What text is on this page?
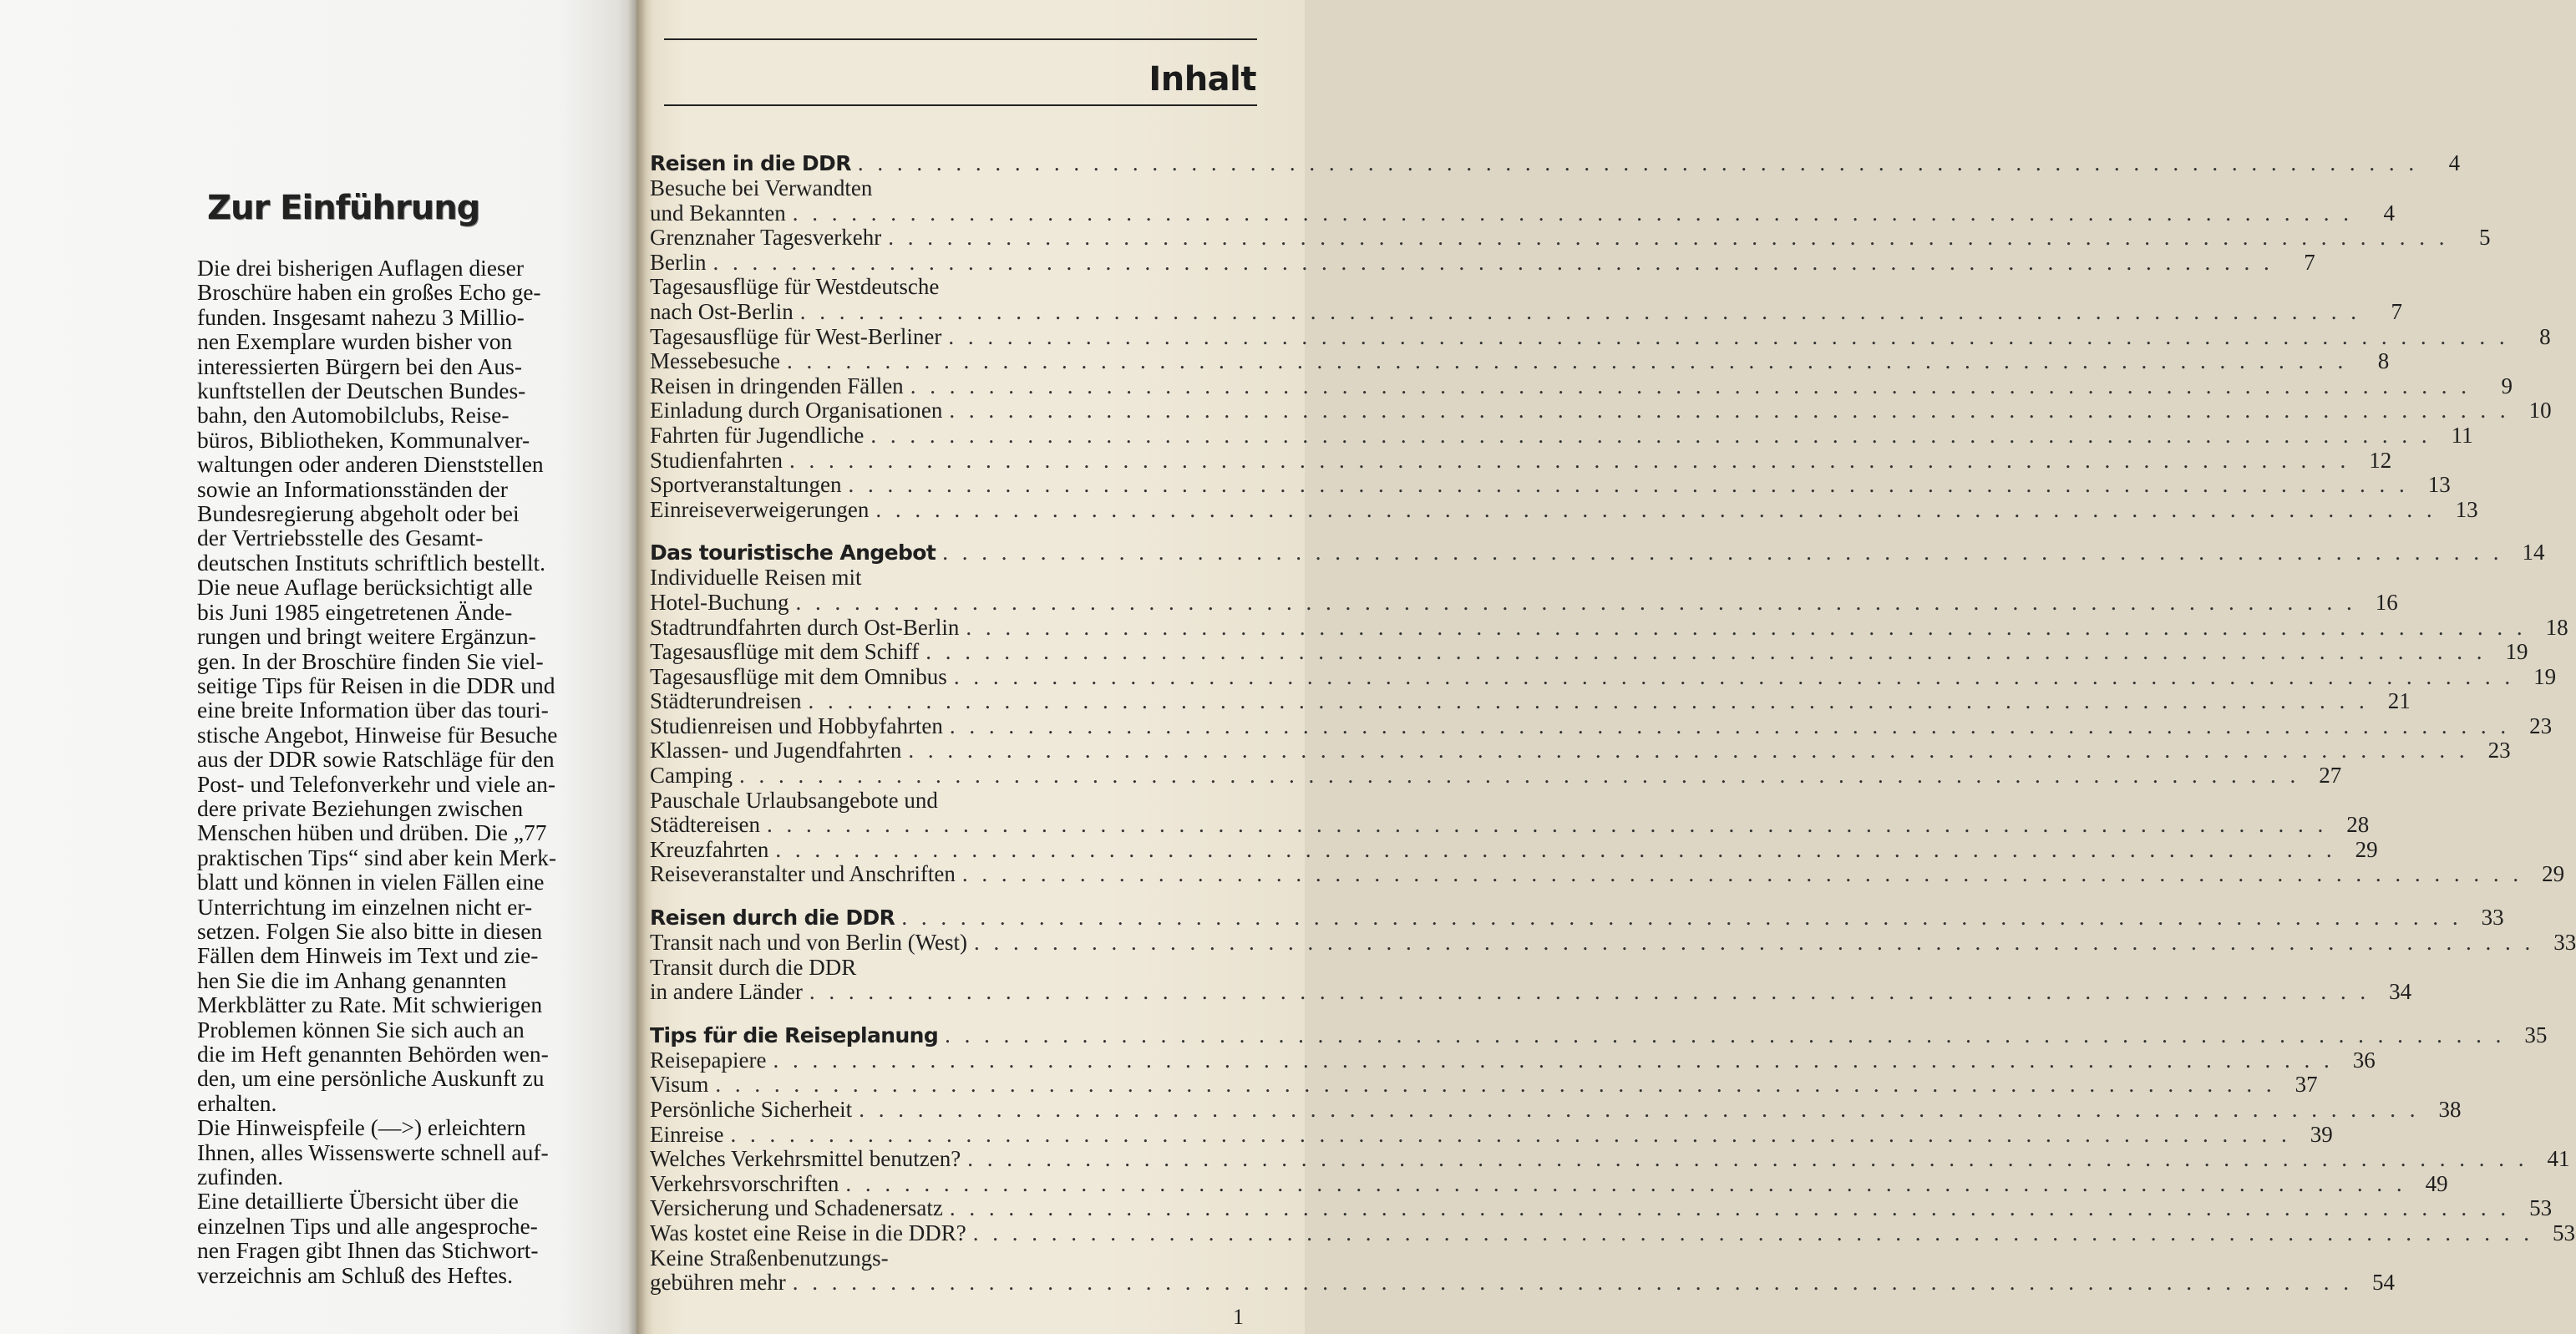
Zur Einführung
Die drei bisherigen Auflagen dieser
Broschüre haben ein großes Echo ge-
funden. Insgesamt nahezu 3 Millio-
nen Exemplare wurden bisher von
interessierten Bürgern bei den Aus-
kunftstellen der Deutschen Bundes-
bahn, den Automobilclubs, Reise-
büros, Bibliotheken, Kommunalver-
waltungen oder anderen Dienststellen
sowie an Informationsständen der
Bundesregierung abgeholt oder bei
der Vertriebsstelle des Gesamt-
deutschen Instituts schriftlich bestellt.
Die neue Auflage berücksichtigt alle
bis Juni 1985 eingetretenen Ände-
rungen und bringt weitere Ergänzun-
gen. In der Broschüre finden Sie viel-
seitige Tips für Reisen in die DDR und
eine breite Information über das touri-
stische Angebot, Hinweise für Besuche
aus der DDR sowie Ratschläge für den
Post- und Telefonverkehr und viele an-
dere private Beziehungen zwischen
Menschen hüben und drüben. Die „77
praktischen Tips“ sind aber kein Merk-
blatt und können in vielen Fällen eine
Unterrichtung im einzelnen nicht er-
setzen. Folgen Sie also bitte in diesen
Fällen dem Hinweis im Text und zie-
hen Sie die im Anhang genannten
Merkblätter zu Rate. Mit schwierigen
Problemen können Sie sich auch an
die im Heft genannten Behörden wen-
den, um eine persönliche Auskunft zu
erhalten.
Die Hinweispfeile (—>) erleichtern
Ihnen, alles Wissenswerte schnell auf-
zufinden.
Eine detaillierte Übersicht über die
einzelnen Tips und alle angesproche-
nen Fragen gibt Ihnen das Stichwort-
verzeichnis am Schluß des Heftes.
Inhalt
Reisen in die DDR . . . . . . . . . . . . . . . . . . . . . . . . . . . . . . . . . . . . . . . . . . . . . . . . . . . . . . . . . . . . . . . . . . . . . . . . . . . . . . . .	4
Besuche bei Verwandten
und Bekannten . . . . . . . . . . . . . . . . . . . . . . . . . . . . . . . . . . . . . . . . . . . . . . . . . . . . . . . . . . . . . . . . . . . . . . . . . . . . . . . .	4
Grenznaher Tagesverkehr . . . . . . . . . . . . . . . . . . . . . . . . . . . . . . . . . . . . . . . . . . . . . . . . . . . . . . . . . . . . . . . . . . . . . . . . . . . . . . . .	5
Berlin . . . . . . . . . . . . . . . . . . . . . . . . . . . . . . . . . . . . . . . . . . . . . . . . . . . . . . . . . . . . . . . . . . . . . . . . . . . . . . . .	7
Tagesausflüge für Westdeutsche
nach Ost-Berlin . . . . . . . . . . . . . . . . . . . . . . . . . . . . . . . . . . . . . . . . . . . . . . . . . . . . . . . . . . . . . . . . . . . . . . . . . . . . . . . .	7
Tagesausflüge für West-Berliner . . . . . . . . . . . . . . . . . . . . . . . . . . . . . . . . . . . . . . . . . . . . . . . . . . . . . . . . . . . . . . . . . . . . . . . . . . . . . . . .	8
Messebesuche . . . . . . . . . . . . . . . . . . . . . . . . . . . . . . . . . . . . . . . . . . . . . . . . . . . . . . . . . . . . . . . . . . . . . . . . . . . . . . . .	8
Reisen in dringenden Fällen . . . . . . . . . . . . . . . . . . . . . . . . . . . . . . . . . . . . . . . . . . . . . . . . . . . . . . . . . . . . . . . . . . . . . . . . . . . . . . . .	9
Einladung durch Organisationen . . . . . . . . . . . . . . . . . . . . . . . . . . . . . . . . . . . . . . . . . . . . . . . . . . . . . . . . . . . . . . . . . . . . . . . . . . . . . . . . 10
Fahrten für Jugendliche . . . . . . . . . . . . . . . . . . . . . . . . . . . . . . . . . . . . . . . . . . . . . . . . . . . . . . . . . . . . . . . . . . . . . . . . . . . . . . . . 11
Studienfahrten . . . . . . . . . . . . . . . . . . . . . . . . . . . . . . . . . . . . . . . . . . . . . . . . . . . . . . . . . . . . . . . . . . . . . . . . . . . . . . . . 12
Sportveranstaltungen . . . . . . . . . . . . . . . . . . . . . . . . . . . . . . . . . . . . . . . . . . . . . . . . . . . . . . . . . . . . . . . . . . . . . . . . . . . . . . . . 13
Einreiseverweigerungen . . . . . . . . . . . . . . . . . . . . . . . . . . . . . . . . . . . . . . . . . . . . . . . . . . . . . . . . . . . . . . . . . . . . . . . . . . . . . . . . 13
Das touristische Angebot . . . . . . . . . . . . . . . . . . . . . . . . . . . . . . . . . . . . . . . . . . . . . . . . . . . . . . . . . . . . . . . . . . . . . . . . . . . . . . . . 14
Individuelle Reisen mit
Hotel-Buchung . . . . . . . . . . . . . . . . . . . . . . . . . . . . . . . . . . . . . . . . . . . . . . . . . . . . . . . . . . . . . . . . . . . . . . . . . . . . . . . . 16
Stadtrundfahrten durch Ost-Berlin . . . . . . . . . . . . . . . . . . . . . . . . . . . . . . . . . . . . . . . . . . . . . . . . . . . . . . . . . . . . . . . . . . . . . . . . . . . . . . . . 18
Tagesausflüge mit dem Schiff . . . . . . . . . . . . . . . . . . . . . . . . . . . . . . . . . . . . . . . . . . . . . . . . . . . . . . . . . . . . . . . . . . . . . . . . . . . . . . . . 19
Tagesausflüge mit dem Omnibus . . . . . . . . . . . . . . . . . . . . . . . . . . . . . . . . . . . . . . . . . . . . . . . . . . . . . . . . . . . . . . . . . . . . . . . . . . . . . . . . 19
Städterundreisen . . . . . . . . . . . . . . . . . . . . . . . . . . . . . . . . . . . . . . . . . . . . . . . . . . . . . . . . . . . . . . . . . . . . . . . . . . . . . . . . 21
Studienreisen und Hobbyfahrten . . . . . . . . . . . . . . . . . . . . . . . . . . . . . . . . . . . . . . . . . . . . . . . . . . . . . . . . . . . . . . . . . . . . . . . . . . . . . . . . 23
Klassen- und Jugendfahrten . . . . . . . . . . . . . . . . . . . . . . . . . . . . . . . . . . . . . . . . . . . . . . . . . . . . . . . . . . . . . . . . . . . . . . . . . . . . . . . . 23
Camping . . . . . . . . . . . . . . . . . . . . . . . . . . . . . . . . . . . . . . . . . . . . . . . . . . . . . . . . . . . . . . . . . . . . . . . . . . . . . . . . 27
Pauschale Urlaubsangebote und
Städtereisen . . . . . . . . . . . . . . . . . . . . . . . . . . . . . . . . . . . . . . . . . . . . . . . . . . . . . . . . . . . . . . . . . . . . . . . . . . . . . . . . 28
Kreuzfahrten . . . . . . . . . . . . . . . . . . . . . . . . . . . . . . . . . . . . . . . . . . . . . . . . . . . . . . . . . . . . . . . . . . . . . . . . . . . . . . . . 29
Reiseveranstalter und Anschriften . . . . . . . . . . . . . . . . . . . . . . . . . . . . . . . . . . . . . . . . . . . . . . . . . . . . . . . . . . . . . . . . . . . . . . . . . . . . . . . . 29
Reisen durch die DDR . . . . . . . . . . . . . . . . . . . . . . . . . . . . . . . . . . . . . . . . . . . . . . . . . . . . . . . . . . . . . . . . . . . . . . . . . . . . . . . . 33
Transit nach und von Berlin (West) . . . . . . . . . . . . . . . . . . . . . . . . . . . . . . . . . . . . . . . . . . . . . . . . . . . . . . . . . . . . . . . . . . . . . . . . . . . . . . . . 33
Transit durch die DDR
in andere Länder . . . . . . . . . . . . . . . . . . . . . . . . . . . . . . . . . . . . . . . . . . . . . . . . . . . . . . . . . . . . . . . . . . . . . . . . . . . . . . . . 34
Tips für die Reiseplanung . . . . . . . . . . . . . . . . . . . . . . . . . . . . . . . . . . . . . . . . . . . . . . . . . . . . . . . . . . . . . . . . . . . . . . . . . . . . . . . . 35
Reisepapiere . . . . . . . . . . . . . . . . . . . . . . . . . . . . . . . . . . . . . . . . . . . . . . . . . . . . . . . . . . . . . . . . . . . . . . . . . . . . . . . . 36
Visum . . . . . . . . . . . . . . . . . . . . . . . . . . . . . . . . . . . . . . . . . . . . . . . . . . . . . . . . . . . . . . . . . . . . . . . . . . . . . . . . 37
Persönliche Sicherheit . . . . . . . . . . . . . . . . . . . . . . . . . . . . . . . . . . . . . . . . . . . . . . . . . . . . . . . . . . . . . . . . . . . . . . . . . . . . . . . . 38
Einreise . . . . . . . . . . . . . . . . . . . . . . . . . . . . . . . . . . . . . . . . . . . . . . . . . . . . . . . . . . . . . . . . . . . . . . . . . . . . . . . . 39
Welches Verkehrsmittel benutzen? . . . . . . . . . . . . . . . . . . . . . . . . . . . . . . . . . . . . . . . . . . . . . . . . . . . . . . . . . . . . . . . . . . . . . . . . . . . . . . . . 41
Verkehrsvorschriften . . . . . . . . . . . . . . . . . . . . . . . . . . . . . . . . . . . . . . . . . . . . . . . . . . . . . . . . . . . . . . . . . . . . . . . . . . . . . . . . 49
Versicherung und Schadenersatz . . . . . . . . . . . . . . . . . . . . . . . . . . . . . . . . . . . . . . . . . . . . . . . . . . . . . . . . . . . . . . . . . . . . . . . . . . . . . . . . 53
Was kostet eine Reise in die DDR? . . . . . . . . . . . . . . . . . . . . . . . . . . . . . . . . . . . . . . . . . . . . . . . . . . . . . . . . . . . . . . . . . . . . . . . . . . . . . . . . 53
Keine Straßenbenutzungs-
gebühren mehr . . . . . . . . . . . . . . . . . . . . . . . . . . . . . . . . . . . . . . . . . . . . . . . . . . . . . . . . . . . . . . . . . . . . . . . . . . . . . . . . 54
1
